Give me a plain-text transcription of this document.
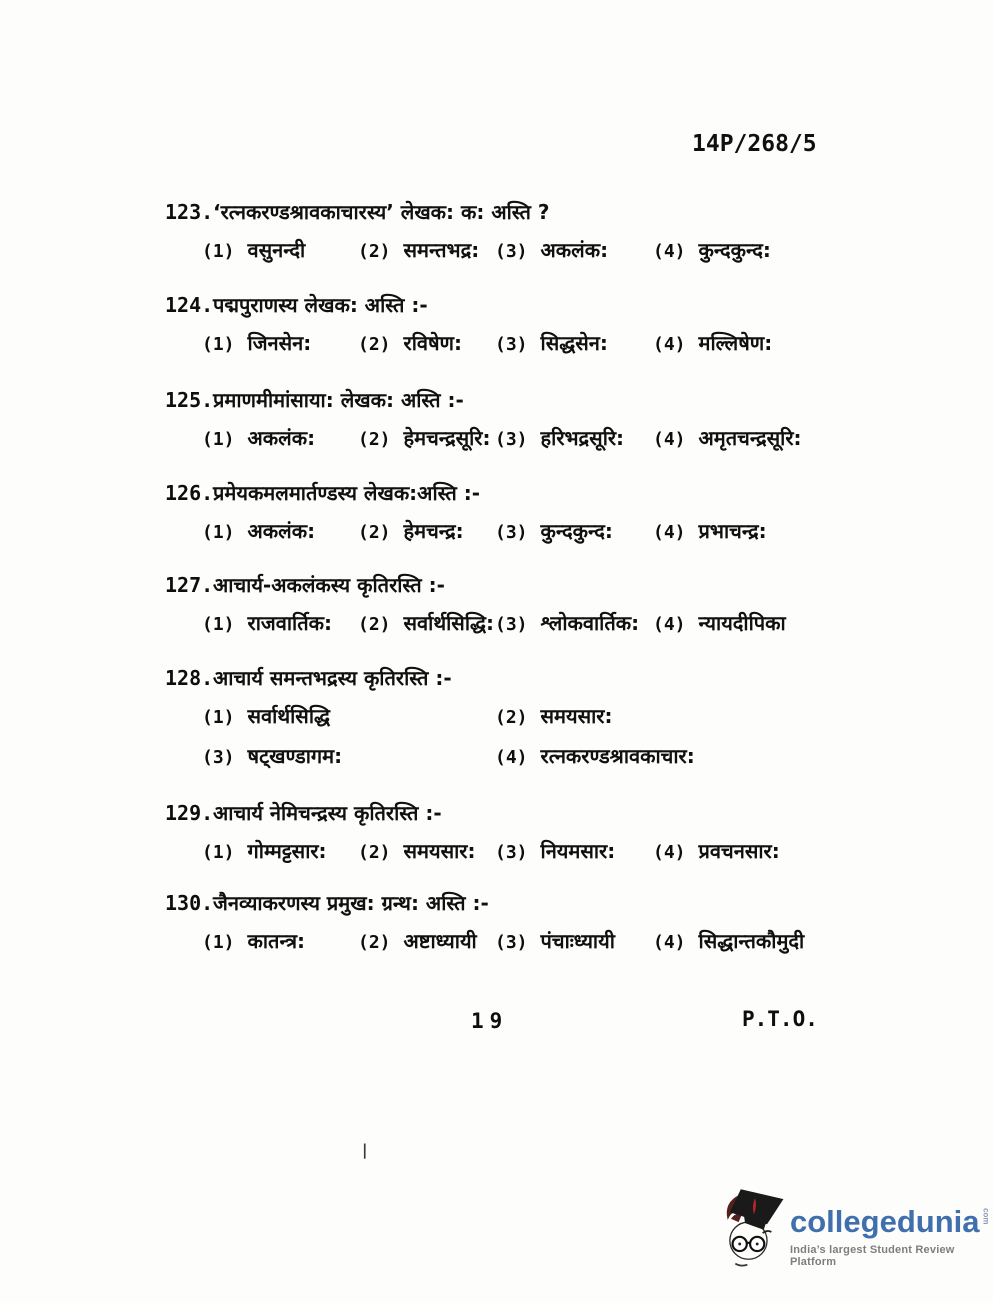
14P/268/5
123.‘रत्नकरण्डश्रावकाचारस्य’ लेखक: क: अस्ति ?
(1) वसुनन्दी	(2) समन्तभद्र: (3) अकलंक: (4) कुन्दकुन्द:
124.पद्मपुराणस्य लेखक: अस्ति :-
(1) जिनसेन:	(2) रविषेण: (3) सिद्धसेन:	(4) मल्लिषेण:
125.प्रमाणमीमांसाया: लेखक: अस्ति :-
(1) अकलंक: (2) हेमचन्द्रसूरि: (3) हरिभद्रसूरि: (4) अमृतचन्द्रसूरि:
126.प्रमेयकमलमार्तण्डस्य लेखक:अस्ति :-
(1) अकलंक: (2) हेमचन्द्र: (3) कुन्दकुन्द: (4) प्रभाचन्द्र:
127.आचार्य-अकलंकस्य कृतिरस्ति :-
(1) राजवार्तिक: (2) सर्वार्थसिद्धि: (3) श्लोकवार्तिक: (4) न्यायदीपिका
128.आचार्य समन्तभद्रस्य कृतिरस्ति :-
(1) सर्वार्थसिद्धि	(2) समयसार:
(3) षट्खण्डागम:	(4) रत्नकरण्डश्रावकाचार:
129.आचार्य नेमिचन्द्रस्य कृतिरस्ति :-
(1) गोम्मट्टसार: (2) समयसार: (3) नियमसार: (4) प्रवचनसार:
130.जैनव्याकरणस्य प्रमुख: ग्रन्थ: अस्ति :-
(1) कातन्त्र:	(2) अष्टाध्यायी (3) पंचाःध्यायी (4) सिद्धान्तकौमुदी
19	P.T.O.
|
collegedunia com
India’s largest Student Review Platform
